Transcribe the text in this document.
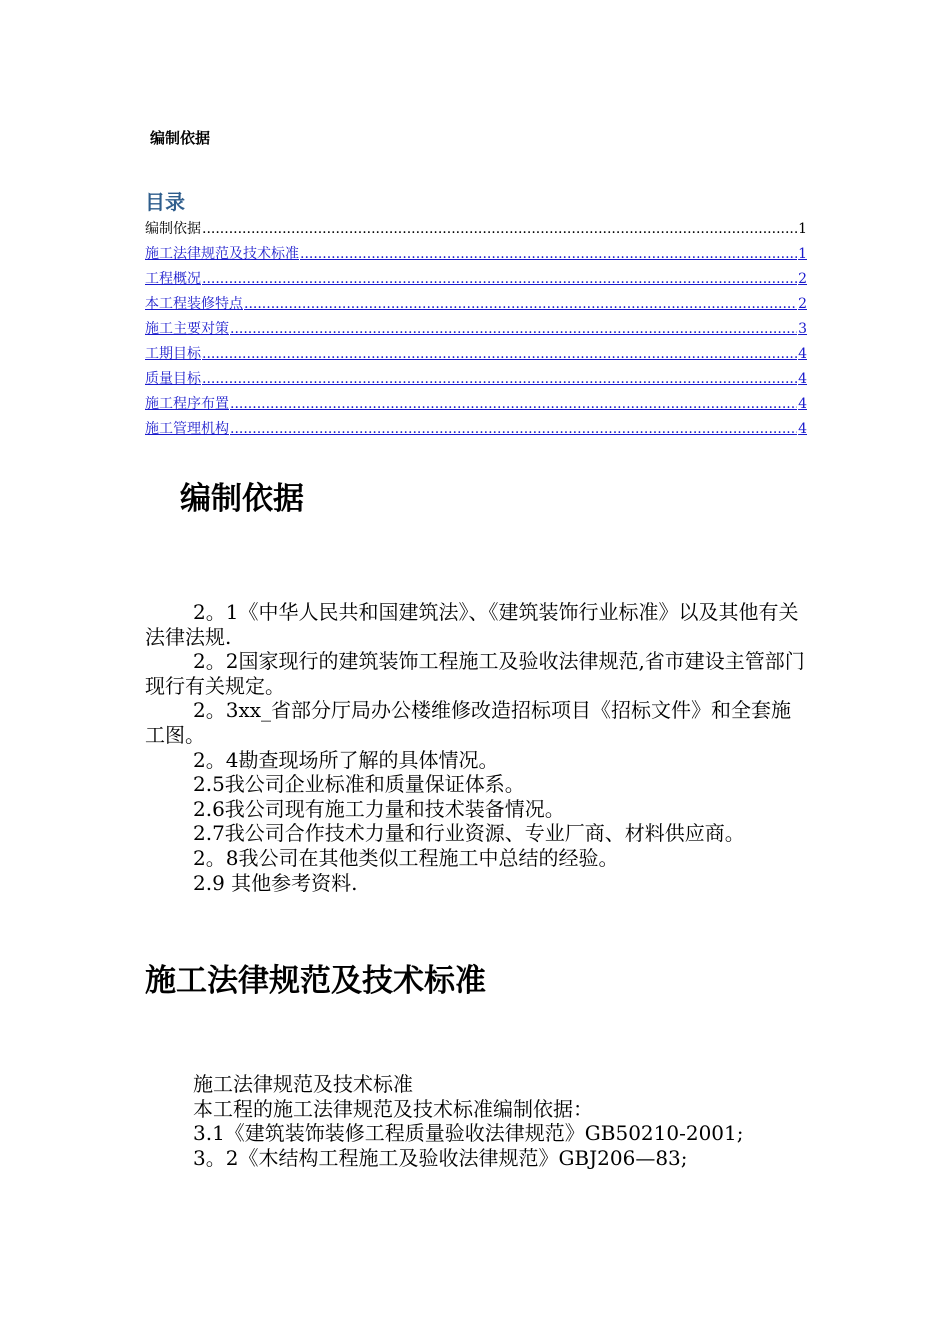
编制依据
目录
编制依据 .....	1
施工法律规范及技术标准 .....	1
工程概况 .....	2
本工程装修特点 .....	2
施工主要对策 .....	3
工期目标 .....	4
质量目标 .....	4
施工程序布置 .....	4
施工管理机构 .....	4
编制依据

2。1《中华人民共和国建筑法》、《建筑装饰行业标准》以及其他有关法律法规.

2。2国家现行的建筑装饰工程施工及验收法律规范,省市建设主管部门现行有关规定。

2。3xx_省部分厅局办公楼维修改造招标项目《招标文件》和全套施工图。

2。4勘查现场所了解的具体情况。

2.5我公司企业标准和质量保证体系。

2.6我公司现有施工力量和技术装备情况。

2.7我公司合作技术力量和行业资源、专业厂商、材料供应商。

2。8我公司在其他类似工程施工中总结的经验。

2.9 其他参考资料.

施工法律规范及技术标准

施工法律规范及技术标准

本工程的施工法律规范及技术标准编制依据：

3.1《建筑装饰装修工程质量验收法律规范》GB50210-2001;

3。2《木结构工程施工及验收法律规范》GBJ206—83;
